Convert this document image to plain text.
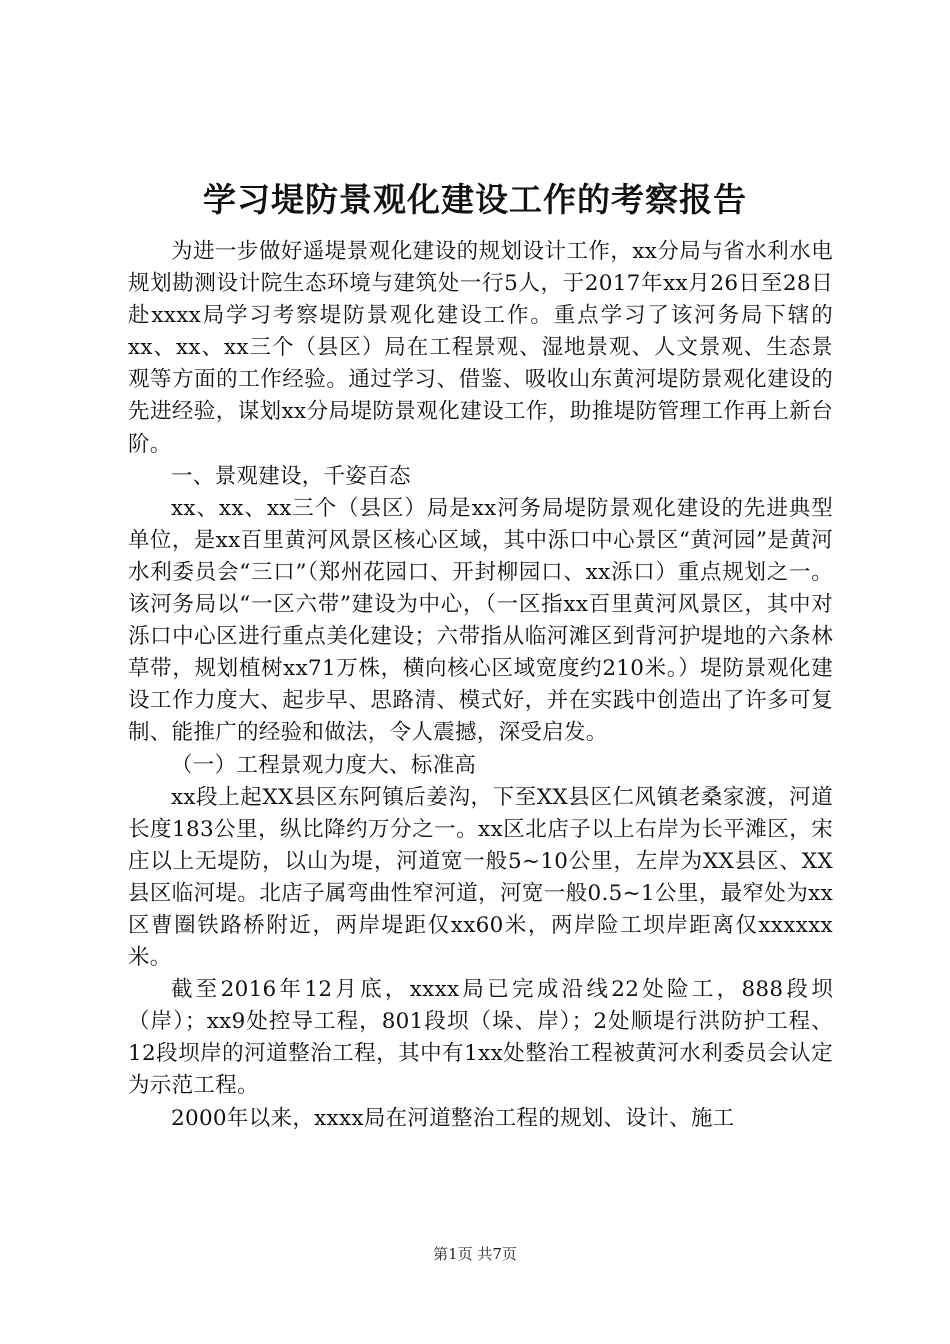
学习堤防景观化建设工作的考察报告

为进一步做好遥堤景观化建设的规划设计工作，xx分局与省水利水电规划勘测设计院生态环境与建筑处一行5人，于2017年xx月26日至28日赴xxxx局学习考察堤防景观化建设工作。重点学习了该河务局下辖的xx、xx、xx三个（县区）局在工程景观、湿地景观、人文景观、生态景观等方面的工作经验。通过学习、借鉴、吸收山东黄河堤防景观化建设的先进经验，谋划xx分局堤防景观化建设工作，助推堤防管理工作再上新台阶。

一、景观建设，千姿百态

xx、xx、xx三个（县区）局是xx河务局堤防景观化建设的先进典型单位，是xx百里黄河风景区核心区域，其中泺口中心景区“黄河园”是黄河水利委员会“三口”（郑州花园口、开封柳园口、xx泺口）重点规划之一。该河务局以“一区六带”建设为中心，（一区指xx百里黄河风景区，其中对泺口中心区进行重点美化建设；六带指从临河滩区到背河护堤地的六条林草带，规划植树xx71万株，横向核心区域宽度约210米。）堤防景观化建设工作力度大、起步早、思路清、模式好，并在实践中创造出了许多可复制、能推广的经验和做法，令人震撼，深受启发。

（一）工程景观力度大、标准高

xx段上起XX县区东阿镇后姜沟，下至XX县区仁风镇老桑家渡，河道长度183公里，纵比降约万分之一。xx区北店子以上右岸为长平滩区，宋庄以上无堤防，以山为堤，河道宽一般5~10公里，左岸为XX县区、XX县区临河堤。北店子属弯曲性窄河道，河宽一般0.5~1公里，最窄处为xx区曹圈铁路桥附近，两岸堤距仅xx60米，两岸险工坝岸距离仅xxxxxx米。

截至2016年12月底，xxxx局已完成沿线22处险工，888段坝（岸）；xx9处控导工程，801段坝（垛、岸）；2处顺堤行洪防护工程、12段坝岸的河道整治工程，其中有1xx处整治工程被黄河水利委员会认定为示范工程。

2000年以来，xxxx局在河道整治工程的规划、设计、施工

第1页 共7页
